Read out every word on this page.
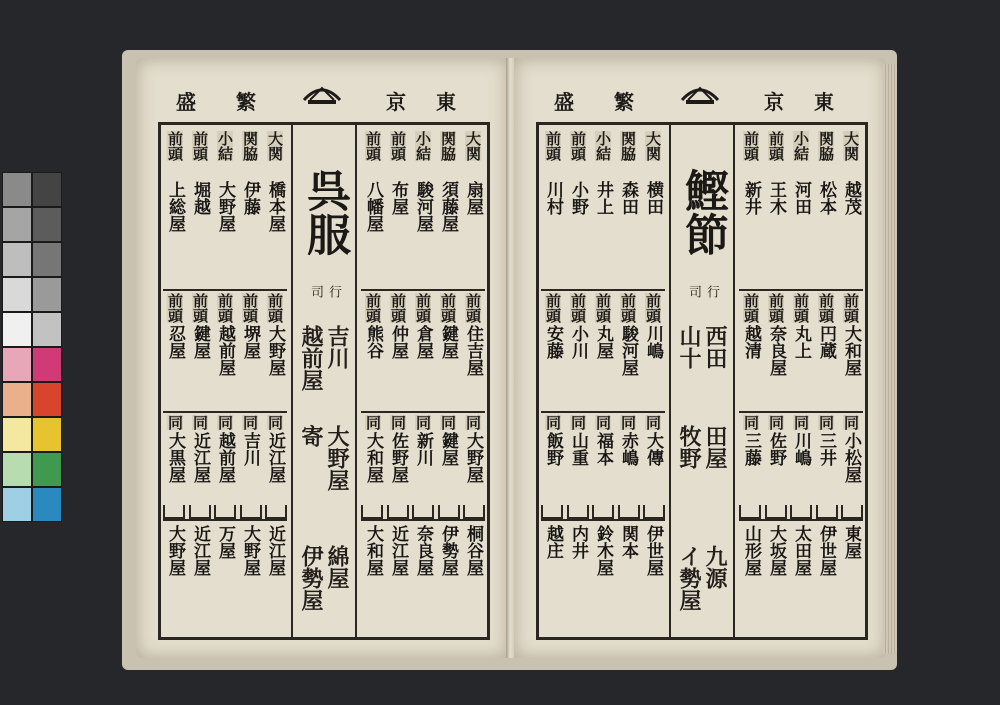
盛 繁	京 東
大関

扇屋
関脇

須藤屋
小結

駿河屋
前頭

布屋
前頭

八幡屋
前頭
住吉屋
前頭
鍵屋
前頭
倉屋
前頭
仲屋
前頭
熊谷
同
大野屋
同
鍵屋
同
新川
同
佐野屋
同
大和屋
桐谷屋
伊勢屋
奈良屋
近江屋
大和屋
大関

橋本屋
関脇

伊藤
小結

大野屋
前頭

堀越
前頭

上総屋
前頭
大野屋
前頭
堺屋
前頭
越前屋
前頭
鍵屋
前頭
忍屋
同
近江屋
同
吉川
同
越前屋
同
近江屋
同
大黒屋
近江屋
大野屋
万屋
近江屋
大野屋
呉服
行
司
吉川
越前屋
大野屋
寄
綿屋
伊勢屋
盛 繁	京 東
大関

越茂
関脇

松本
小結

河田
前頭

王木
前頭

新井
前頭
大和屋
前頭
円蔵
前頭
丸上
前頭
奈良屋
前頭
越清
同
小松屋
同
三井
同
川嶋
同
佐野
同
三藤
東屋
伊世屋
太田屋
大坂屋
山形屋
大関

横田
関脇

森田
小結

井上
前頭

小野
前頭

川村
前頭
川嶋
前頭
駿河屋
前頭
丸屋
前頭
小川
前頭
安藤
同
大傳
同
赤嶋
同
福本
同
山重
同
飯野
伊世屋
関本
鈴木屋
内井
越庄
鰹節
行
司
西田
山十
田屋
牧野
九源
イ勢屋
